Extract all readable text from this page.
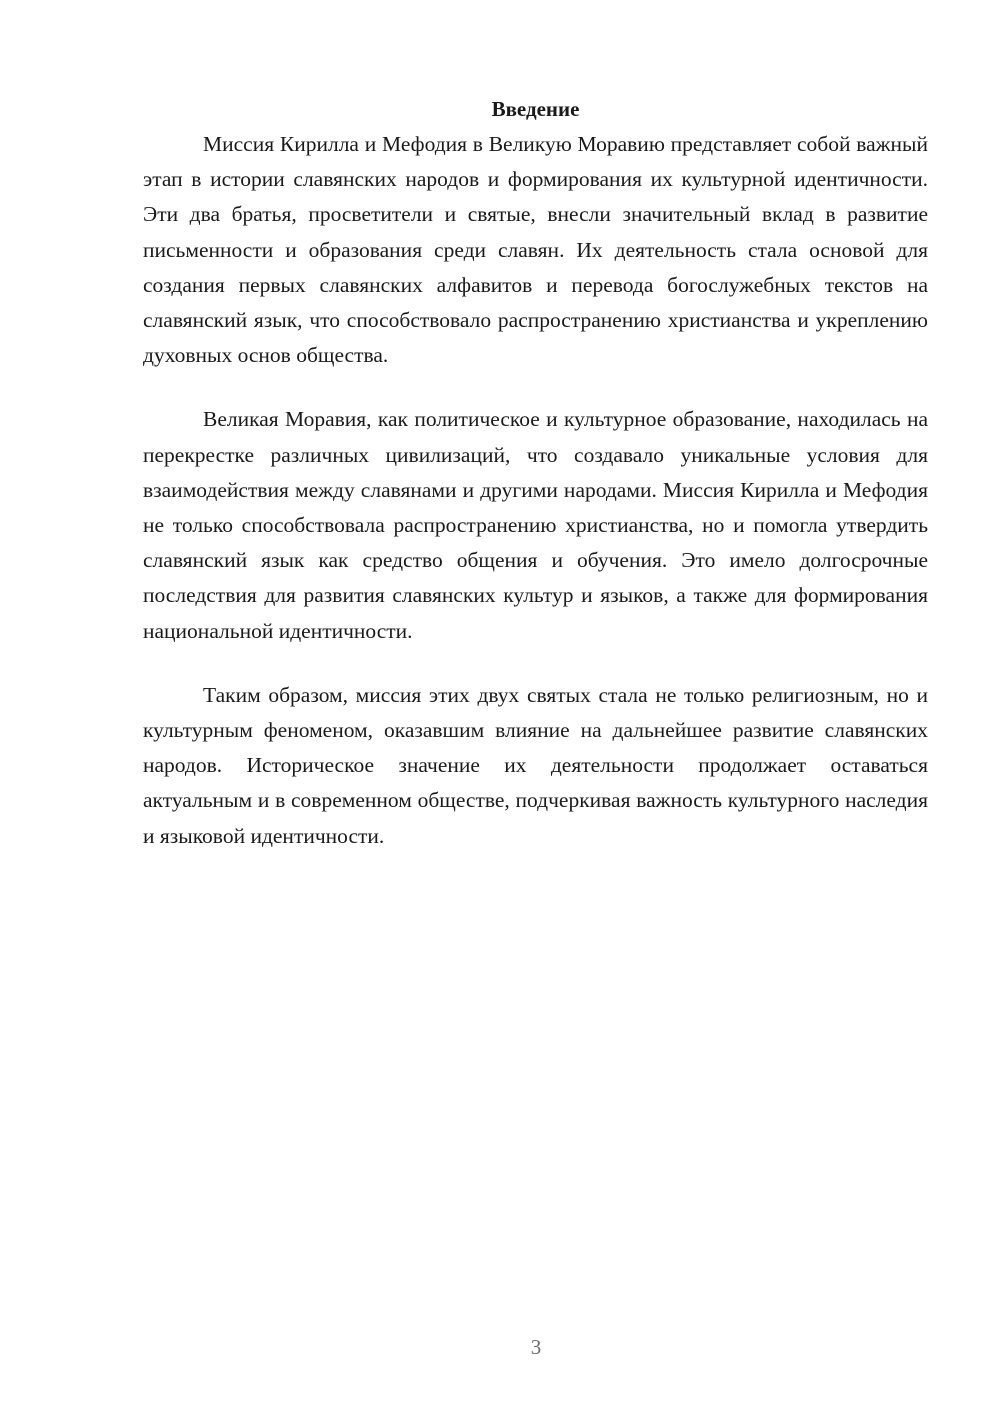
Введение

Миссия Кирилла и Мефодия в Великую Моравию представляет собой важный этап в истории славянских народов и формирования их культурной идентичности. Эти два братья, просветители и святые, внесли значительный вклад в развитие письменности и образования среди славян. Их деятельность стала основой для создания первых славянских алфавитов и перевода богослужебных текстов на славянский язык, что способствовало распространению христианства и укреплению духовных основ общества.

Великая Моравия, как политическое и культурное образование, находилась на перекрестке различных цивилизаций, что создавало уникальные условия для взаимодействия между славянами и другими народами. Миссия Кирилла и Мефодия не только способствовала распространению христианства, но и помогла утвердить славянский язык как средство общения и обучения. Это имело долгосрочные последствия для развития славянских культур и языков, а также для формирования национальной идентичности.

Таким образом, миссия этих двух святых стала не только религиозным, но и культурным феноменом, оказавшим влияние на дальнейшее развитие славянских народов. Историческое значение их деятельности продолжает оставаться актуальным и в современном обществе, подчеркивая важность культурного наследия и языковой идентичности.

3
